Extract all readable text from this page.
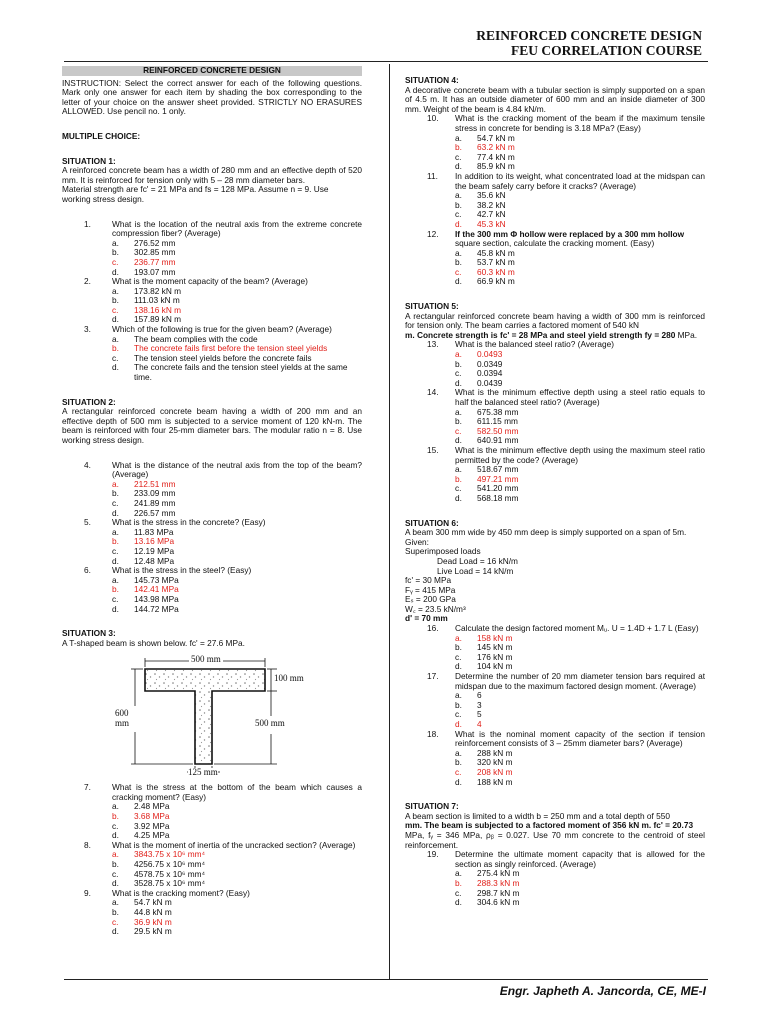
REINFORCED CONCRETE DESIGN
FEU CORRELATION COURSE
Engr. Japheth A. Jancorda, CE, ME-I
REINFORCED CONCRETE DESIGN
INSTRUCTION: Select the correct answer for each of the following questions. Mark only one answer for each item by shading the box corresponding to the letter of your choice on the answer sheet provided. STRICTLY NO ERASURES ALLOWED. Use pencil no. 1 only.
MULTIPLE CHOICE:
SITUATION 1:
A reinforced concrete beam has a width of 280 mm and an effective depth of 520 mm. It is reinforced for tension only with 5 – 28 mm diameter bars.
Material strength are fc' = 21 MPa and fs = 128 MPa. Assume n = 9. Use
working stress design.
1.	What is the location of the neutral axis from the extreme concrete compression fiber? (Average)
a.	276.52 mm
b.	302.85 mm
c.	236.77 mm
d.	193.07 mm
2.	What is the moment capacity of the beam? (Average)
a.	173.82 kN m
b.	111.03 kN m
c.	138.16 kN m
d.	157.89 kN m
3.	Which of the following is true for the given beam? (Average)
a.	The beam complies with the code
b.	The concrete fails first before the tension steel yields
c.	The tension steel yields before the concrete fails
d.	The concrete fails and the tension steel yields at the same time.
SITUATION 2:
A rectangular reinforced concrete beam having a width of 200 mm and an effective depth of 500 mm is subjected to a service moment of 120 kN-m. The beam is reinforced with four 25-mm diameter bars. The modular ratio n = 8. Use working stress design.
4.	What is the distance of the neutral axis from the top of the beam? (Average)
a.	212.51 mm
b.	233.09 mm
c.	241.89 mm
d.	226.57 mm
5.	What is the stress in the concrete? (Easy)
a.	11.83 MPa
b.	13.16 MPa
c.	12.19 MPa
d.	12.48 MPa
6.	What is the stress in the steel? (Easy)
a.	145.73 MPa
b.	142.41 MPa
c.	143.98 MPa
d.	144.72 MPa
SITUATION 3:
A T-shaped beam is shown below. fc' = 27.6 MPa.
500 mm
100 mm
600
mm	500 mm
125 mm
7.	What is the stress at the bottom of the beam which causes a cracking moment? (Easy)
a.	2.48 MPa
b.	3.68 MPa
c.	3.92 MPa
d.	4.25 MPa
8.	What is the moment of inertia of the uncracked section? (Average)
a.	3843.75 x 10⁶ mm⁴
b.	4256.75 x 10⁶ mm⁴
c.	4578.75 x 10⁶ mm⁴
d.	3528.75 x 10⁶ mm⁴
9.	What is the cracking moment? (Easy)
a.	54.7 kN m
b.	44.8 kN m
c.	36.9 kN m
d.	29.5 kN m
SITUATION 4:
A decorative concrete beam with a tubular section is simply supported on a span of 4.5 m. It has an outside diameter of 600 mm and an inside diameter of 300 mm. Weight of the beam is 4.84 kN/m.
10.	What is the cracking moment of the beam if the maximum tensile stress in concrete for bending is 3.18 MPa? (Easy)
a.	54.7 kN m
b.	63.2 kN m
c.	77.4 kN m
d.	85.9 kN m
11.	In addition to its weight, what concentrated load at the midspan can the beam safely carry before it cracks? (Average)
a.	35.6 kN
b.	38.2 kN
c.	42.7 kN
d.	45.3 kN
12.	If the 300 mm Φ hollow were replaced by a 300 mm hollow
square section, calculate the cracking moment. (Easy)
a.	45.8 kN m
b.	53.7 kN m
c.	60.3 kN m
d.	66.9 kN m
SITUATION 5:
A rectangular reinforced concrete beam having a width of 300 mm is reinforced for tension only. The beam carries a factored moment of 540 kN
m. Concrete strength is fc' = 28 MPa and steel yield strength fy = 280 MPa.
13.	What is the balanced steel ratio? (Average)
a.	0.0493
b.	0.0349
c.	0.0394
d.	0.0439
14.	What is the minimum effective depth using a steel ratio equals to half the balanced steel ratio? (Average)
a.	675.38 mm
b.	611.15 mm
c.	582.50 mm
d.	640.91 mm
15.	What is the minimum effective depth using the maximum steel ratio permitted by the code? (Average)
a.	518.67 mm
b.	497.21 mm
c.	541.20 mm
d.	568.18 mm
SITUATION 6:
A beam 300 mm wide by 450 mm deep is simply supported on a span of 5m.
Given:
Superimposed loads
Dead Load = 16 kN/m
Live Load = 14 kN/m
fc' = 30 MPa
Fᵧ = 415 MPa
Eₛ = 200 GPa
W꜀ = 23.5 kN/m³
d' = 70 mm
16.	Calculate the design factored moment Mᵤ. U = 1.4D + 1.7 L (Easy)
a.	158 kN m
b.	145 kN m
c.	176 kN m
d.	104 kN m
17.	Determine the number of 20 mm diameter tension bars required at midspan due to the maximum factored design moment. (Average)
a.	6
b.	3
c.	5
d.	4
18.	What is the nominal moment capacity of the section if tension reinforcement consists of 3 – 25mm diameter bars? (Average)
a.	288 kN m
b.	320 kN m
c.	208 kN m
d.	188 kN m
SITUATION 7:
A beam section is limited to a width b = 250 mm and a total depth of 550
mm. The beam is subjected to a factored moment of 356 kN m. fc' = 20.73
MPa, fᵧ = 346 MPa, ρᵦ = 0.027. Use 70 mm concrete to the centroid of steel reinforcement.
19.	Determine the ultimate moment capacity that is allowed for the section as singly reinforced. (Average)
a.	275.4 kN m
b.	288.3 kN m
c.	298.7 kN m
d.	304.6 kN m
